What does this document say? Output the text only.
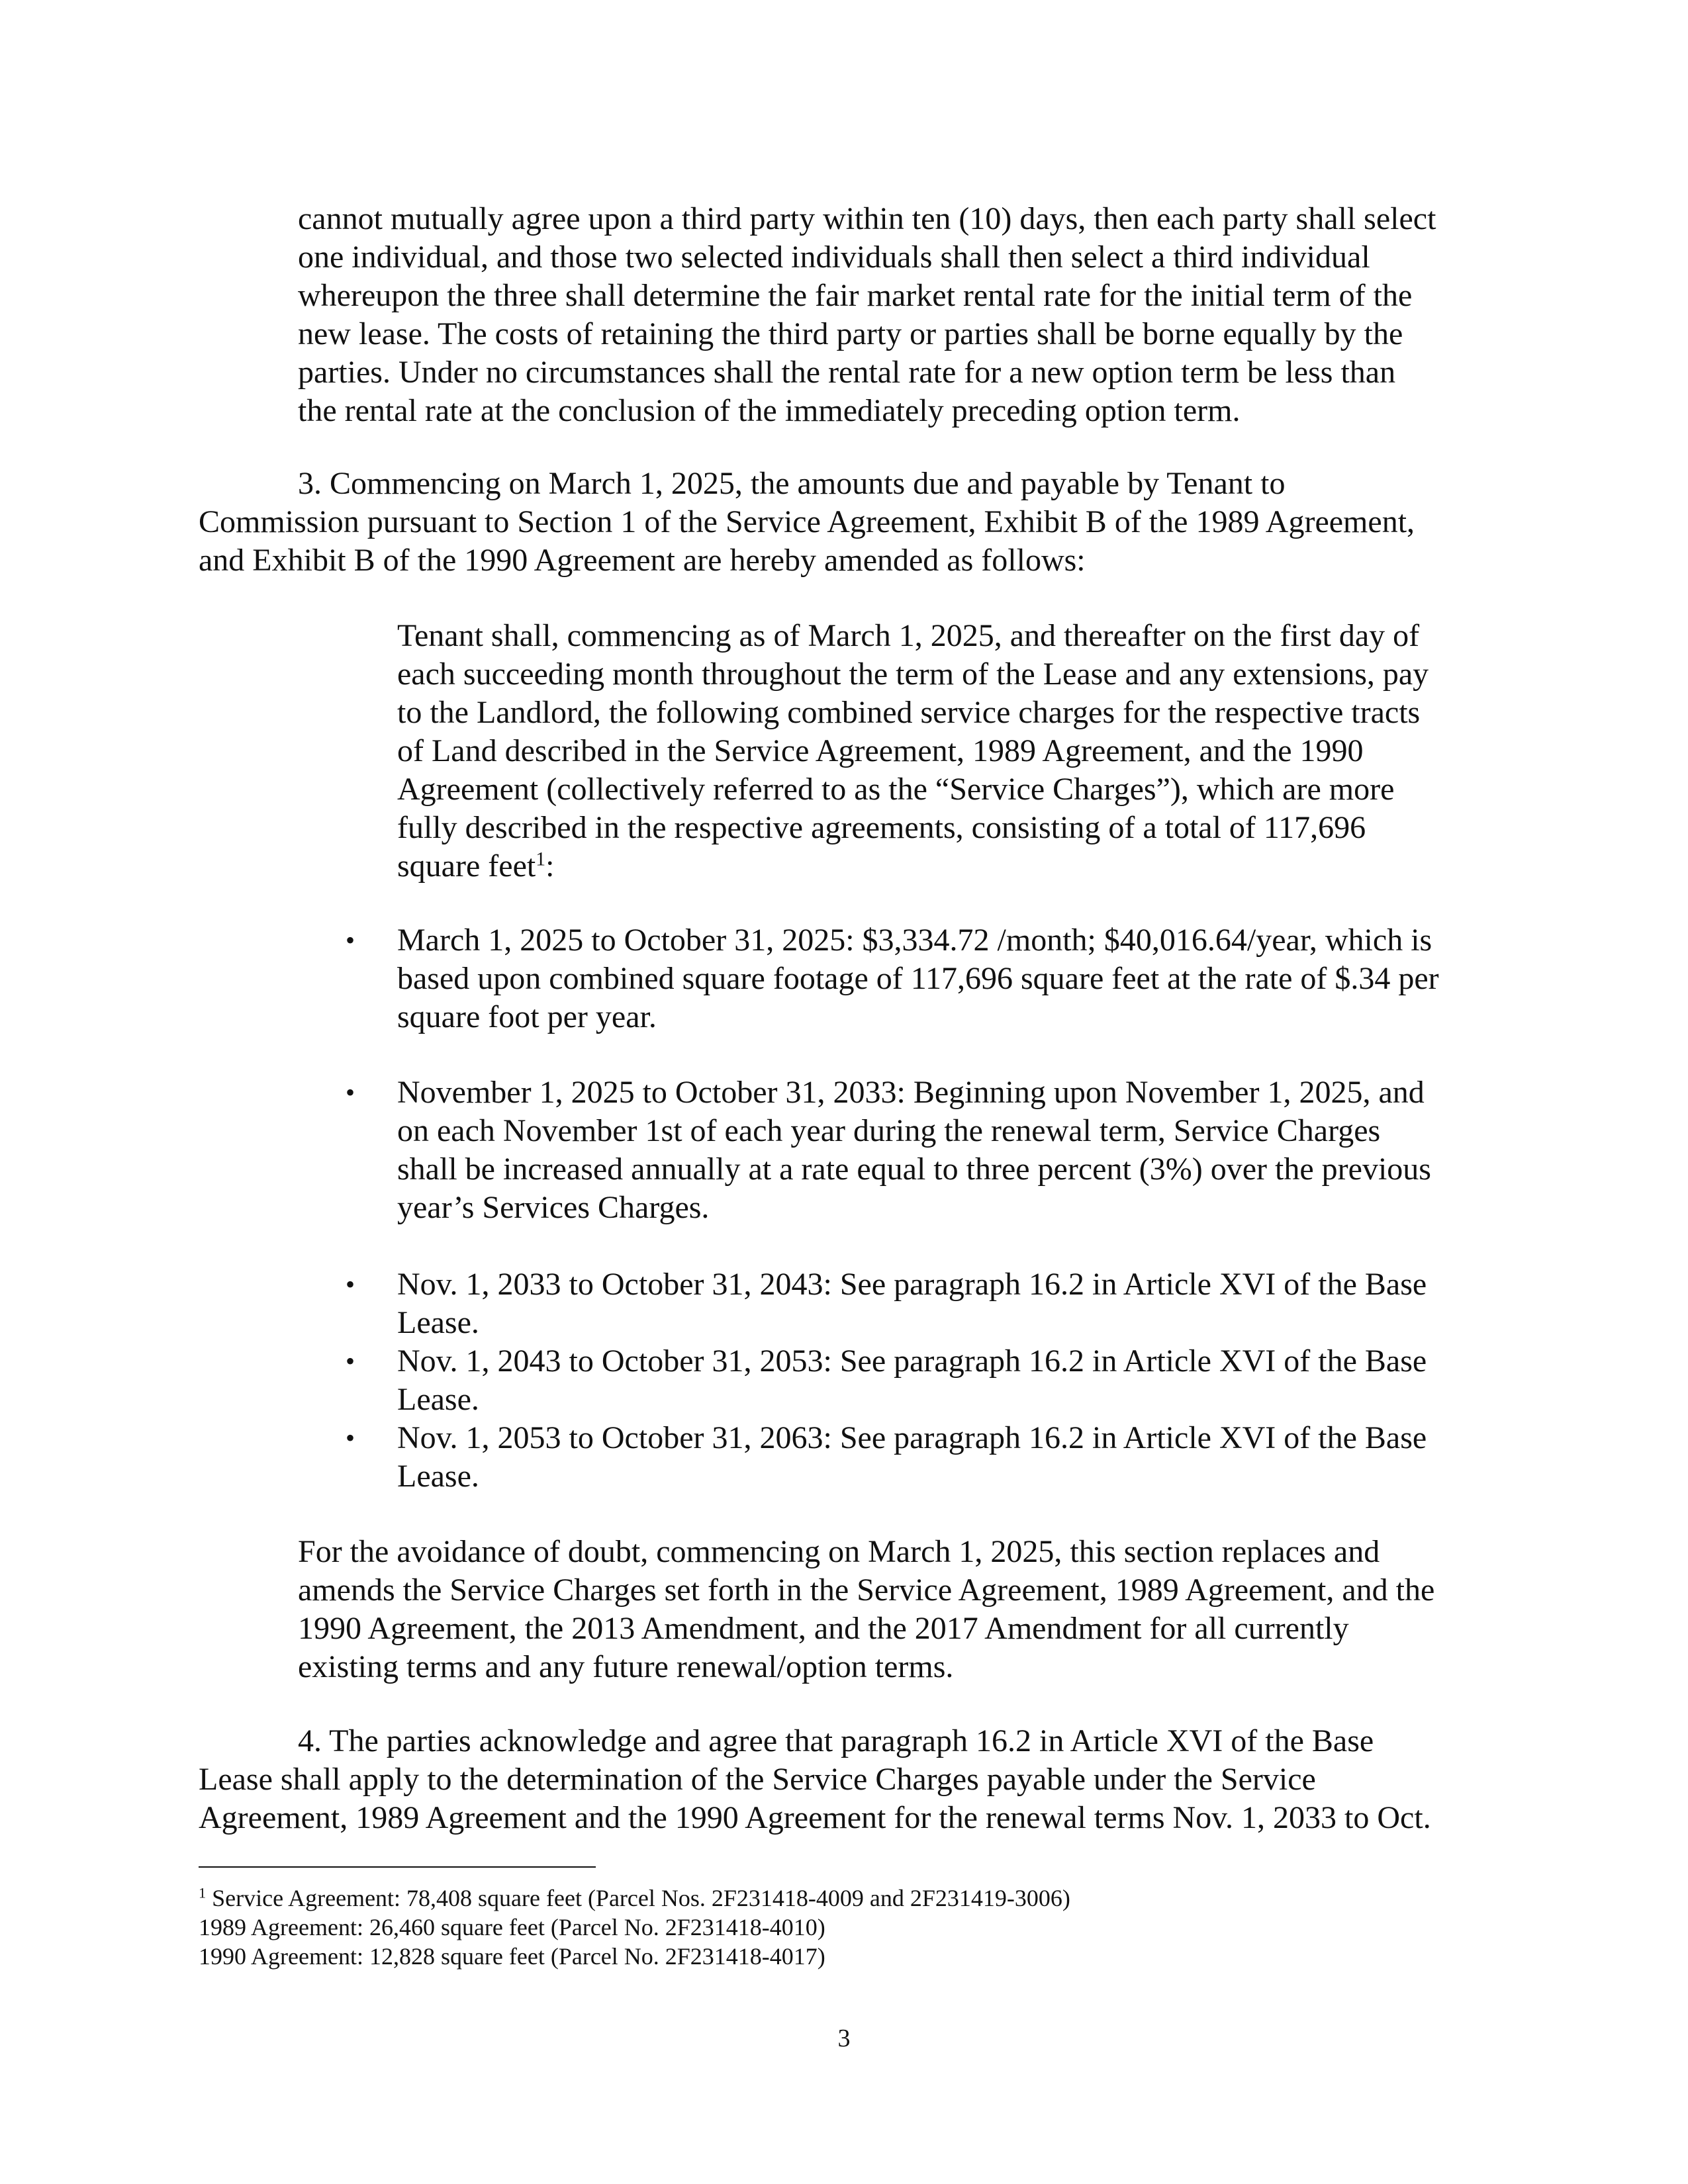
cannot mutually agree upon a third party within ten (10) days, then each party shall select
one individual, and those two selected individuals shall then select a third individual
whereupon the three shall determine the fair market rental rate for the initial term of the
new lease. The costs of retaining the third party or parties shall be borne equally by the
parties. Under no circumstances shall the rental rate for a new option term be less than
the rental rate at the conclusion of the immediately preceding option term.
3. Commencing on March 1, 2025, the amounts due and payable by Tenant to
Commission pursuant to Section 1 of the Service Agreement, Exhibit B of the 1989 Agreement,
and Exhibit B of the 1990 Agreement are hereby amended as follows:
Tenant shall, commencing as of March 1, 2025, and thereafter on the first day of
each succeeding month throughout the term of the Lease and any extensions, pay
to the Landlord, the following combined service charges for the respective tracts
of Land described in the Service Agreement, 1989 Agreement, and the 1990
Agreement (collectively referred to as the “Service Charges”), which are more
fully described in the respective agreements, consisting of a total of 117,696
square feet$^1$:
• March 1, 2025 to October 31, 2025: $3,334.72 /month; $40,016.64/year, which is
based upon combined square footage of 117,696 square feet at the rate of $.34 per
square foot per year.
• November 1, 2025 to October 31, 2033: Beginning upon November 1, 2025, and
on each November 1st of each year during the renewal term, Service Charges
shall be increased annually at a rate equal to three percent (3%) over the previous
year’s Services Charges.
• Nov. 1, 2033 to October 31, 2043: See paragraph 16.2 in Article XVI of the Base
Lease.
• Nov. 1, 2043 to October 31, 2053: See paragraph 16.2 in Article XVI of the Base
Lease.
• Nov. 1, 2053 to October 31, 2063: See paragraph 16.2 in Article XVI of the Base
Lease.
For the avoidance of doubt, commencing on March 1, 2025, this section replaces and
amends the Service Charges set forth in the Service Agreement, 1989 Agreement, and the
1990 Agreement, the 2013 Amendment, and the 2017 Amendment for all currently
existing terms and any future renewal/option terms.
4. The parties acknowledge and agree that paragraph 16.2 in Article XVI of the Base
Lease shall apply to the determination of the Service Charges payable under the Service
Agreement, 1989 Agreement and the 1990 Agreement for the renewal terms Nov. 1, 2033 to Oct.
$^1$ Service Agreement: 78,408 square feet (Parcel Nos. 2F231418-4009 and 2F231419-3006)
1989 Agreement: 26,460 square feet (Parcel No. 2F231418-4010)
1990 Agreement: 12,828 square feet (Parcel No. 2F231418-4017)
3
